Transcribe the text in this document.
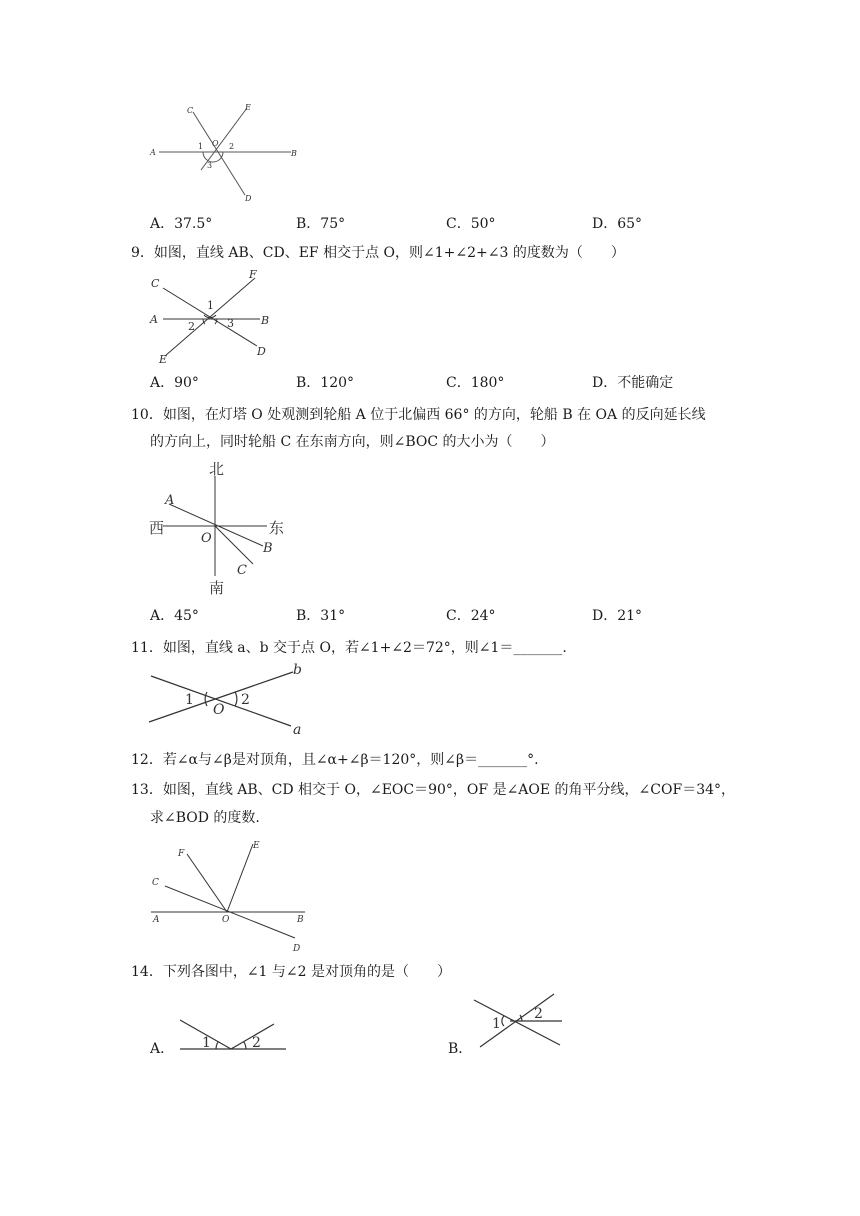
A	B
C
D
E
O
1	2
3
A．37.5°	B．75°	C．50°	D．65°
9．如图，直线 AB、CD、EF 相交于点 O，则∠1+∠2+∠3 的度数为（　　）
C
F
A	B
E
D
1
2	3
A．90°	B．120°	C．180°	D．不能确定
10．如图，在灯塔 O 处观测到轮船 A 位于北偏西 66° 的方向，轮船 B 在 OA 的反向延长线
的方向上，同时轮船 C 在东南方向，则∠BOC 的大小为（　　）
北
西	东
南
A
O
B
C
A．45°	B．31°	C．24°	D．21°
11．如图，直线 a、b 交于点 O，若∠1+∠2＝72°，则∠1＝_______.
b
O
a
1	2
12．若∠α与∠β是对顶角，且∠α+∠β＝120°，则∠β＝_______°.
13．如图，直线 AB、CD 相交于 O，∠EOC＝90°，OF 是∠AOE 的角平分线，∠COF＝34°，
求∠BOD 的度数.
F
E
C
A	O	B
D
14．下列各图中，∠1 与∠2 是对顶角的是（　　）
A． 1	2	B．
1
2
